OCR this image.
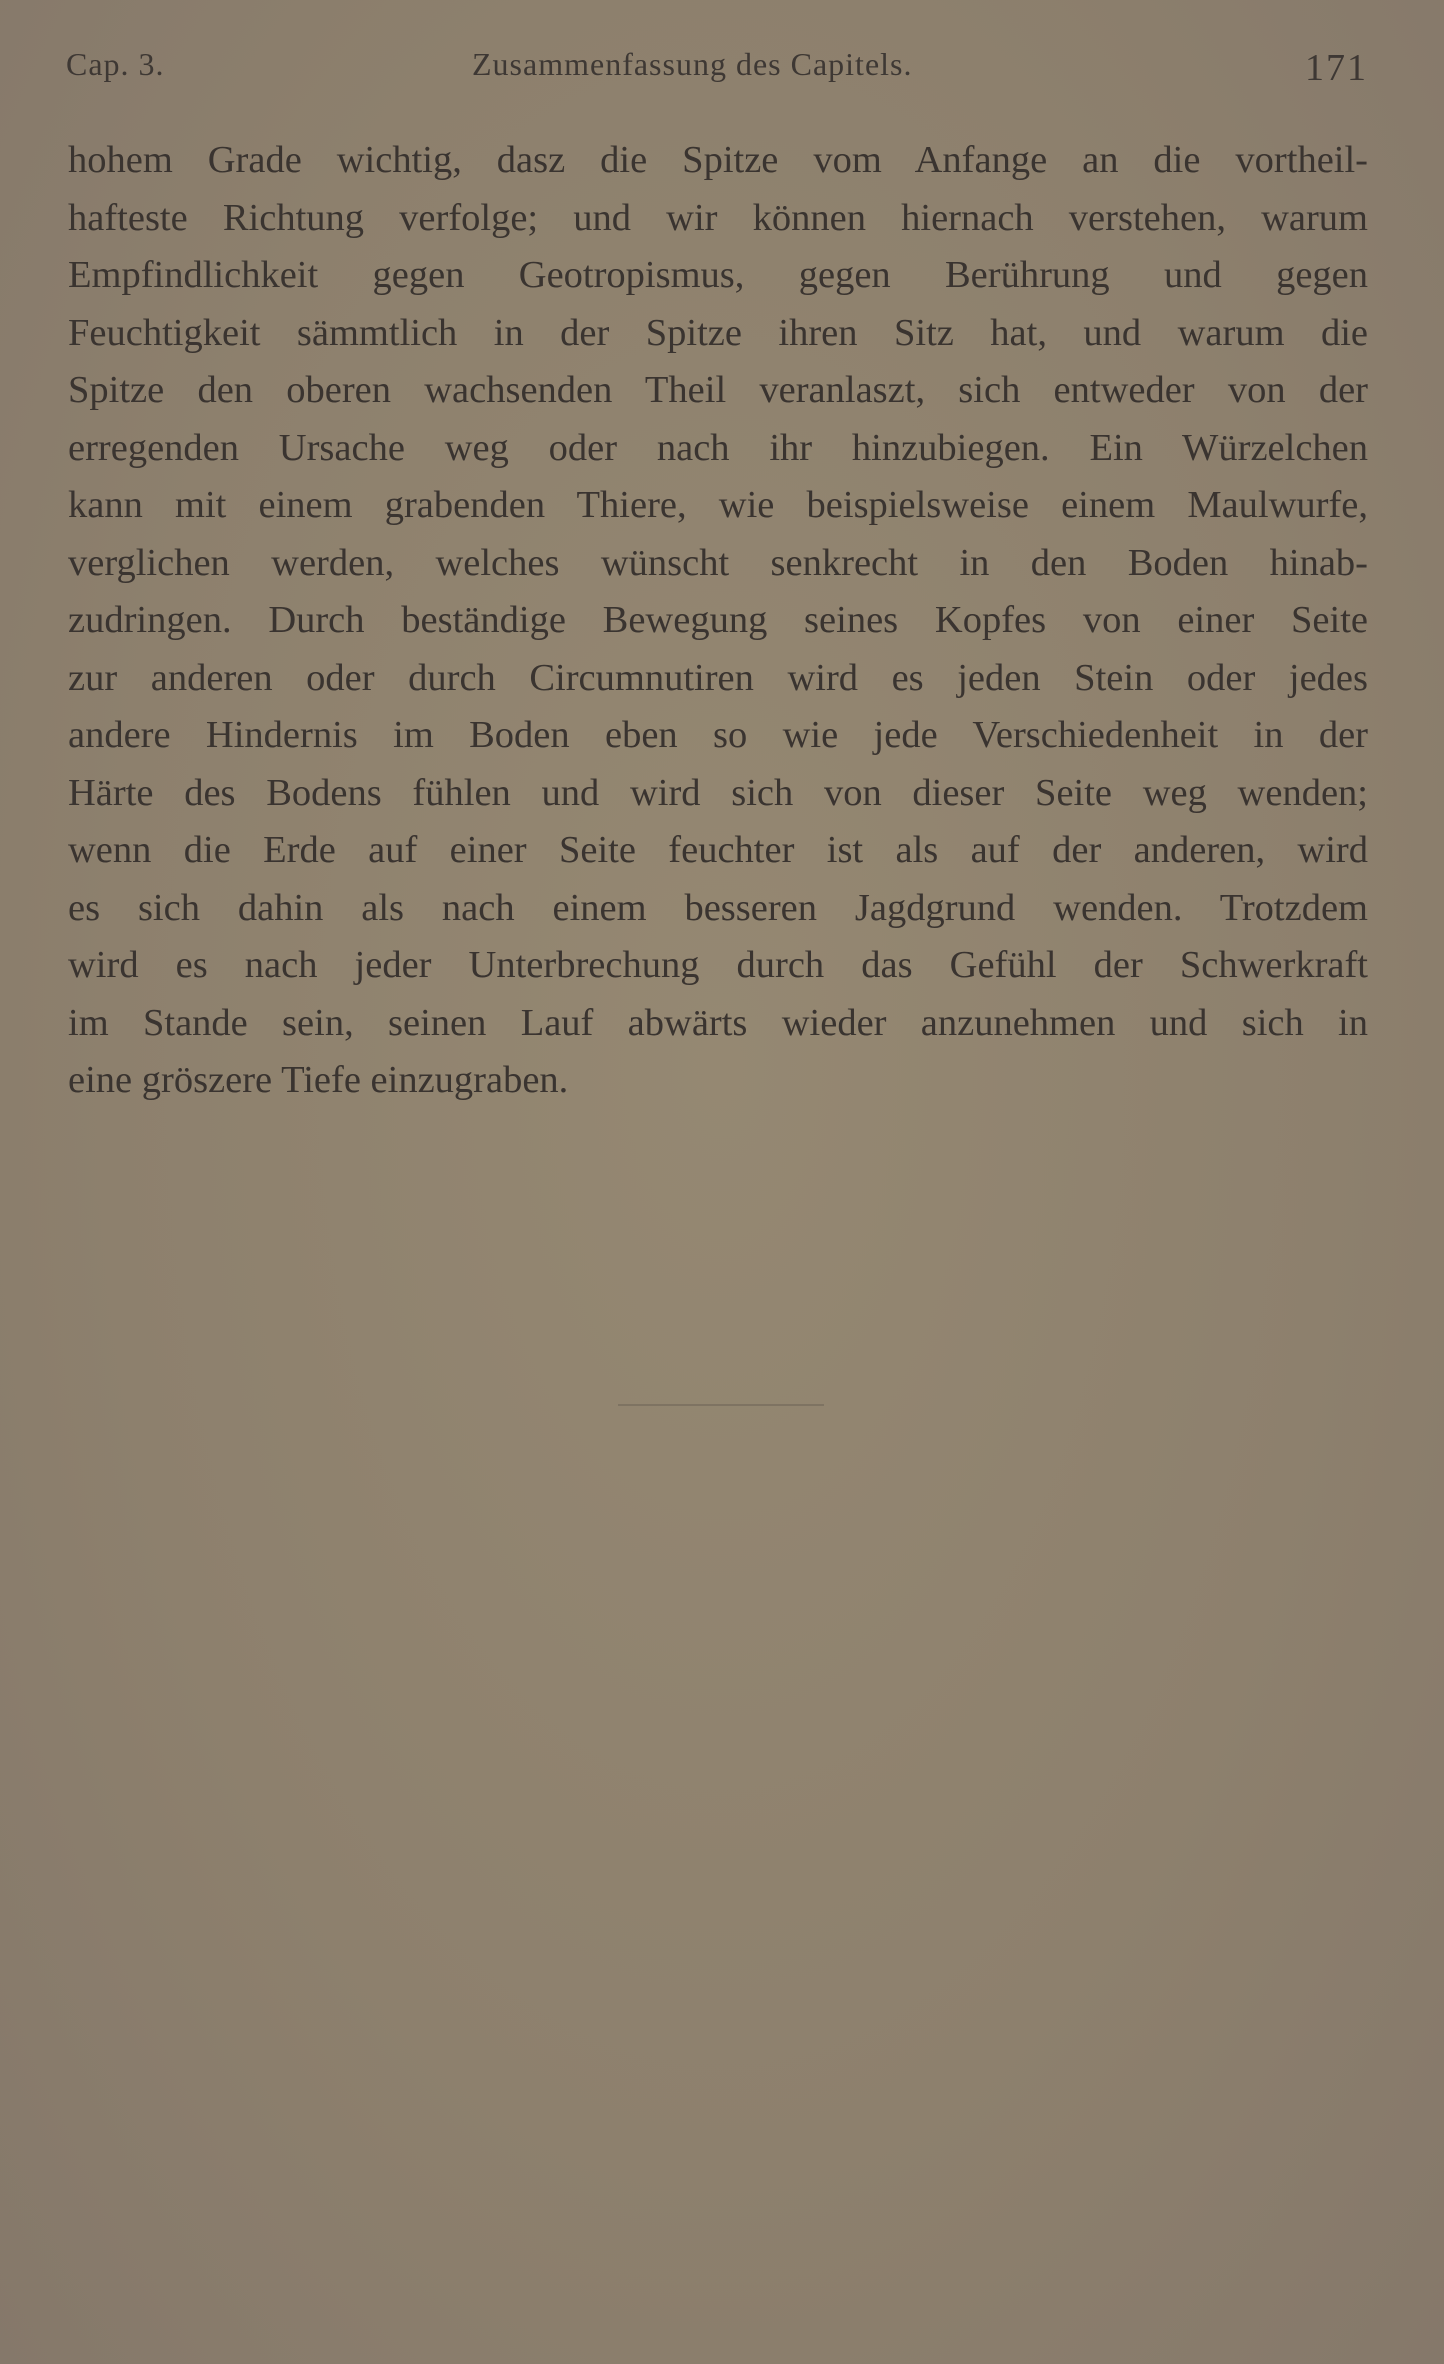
Cap. 3.	Zusammenfassung des Capitels.	171
hohem Grade wichtig, dasz die Spitze vom Anfange an die vortheil-
hafteste Richtung verfolge; und wir können hiernach verstehen, warum
Empfindlichkeit gegen Geotropismus, gegen Berührung und gegen
Feuchtigkeit sämmtlich in der Spitze ihren Sitz hat, und warum die
Spitze den oberen wachsenden Theil veranlaszt, sich entweder von der
erregenden Ursache weg oder nach ihr hinzubiegen. Ein Würzelchen
kann mit einem grabenden Thiere, wie beispielsweise einem Maulwurfe,
verglichen werden, welches wünscht senkrecht in den Boden hinab-
zudringen. Durch beständige Bewegung seines Kopfes von einer Seite
zur anderen oder durch Circumnutiren wird es jeden Stein oder jedes
andere Hindernis im Boden eben so wie jede Verschiedenheit in der
Härte des Bodens fühlen und wird sich von dieser Seite weg wenden;
wenn die Erde auf einer Seite feuchter ist als auf der anderen, wird
es sich dahin als nach einem besseren Jagdgrund wenden. Trotzdem
wird es nach jeder Unterbrechung durch das Gefühl der Schwerkraft
im Stande sein, seinen Lauf abwärts wieder anzunehmen und sich in
eine gröszere Tiefe einzugraben.
